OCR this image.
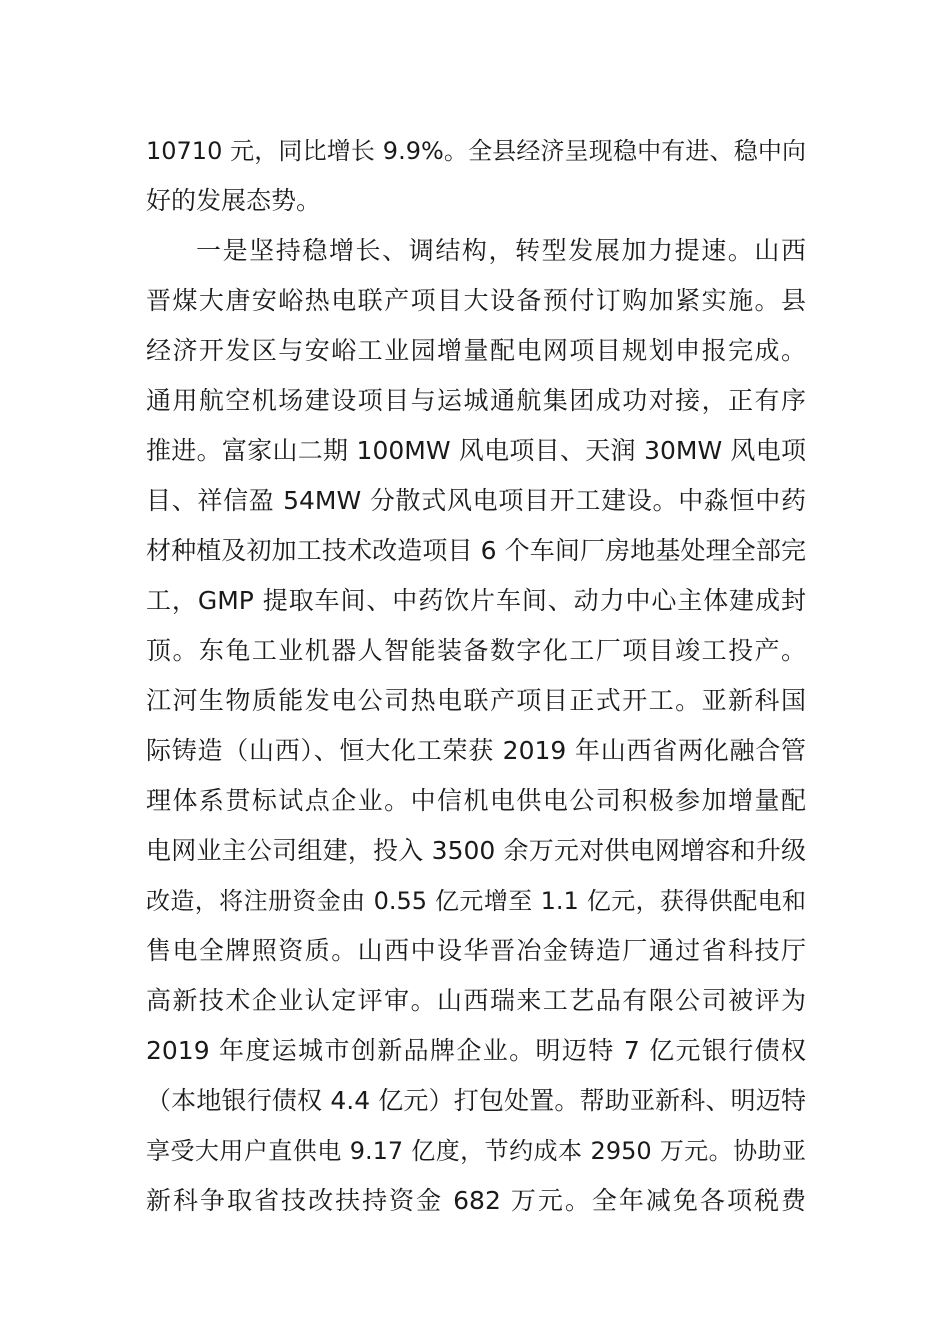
10710 元，同比增长 9.9%。全县经济呈现稳中有进、稳中向
好的发展态势。
一是坚持稳增长、调结构，转型发展加力提速。山西
晋煤大唐安峪热电联产项目大设备预付订购加紧实施。县
经济开发区与安峪工业园增量配电网项目规划申报完成。
通用航空机场建设项目与运城通航集团成功对接，正有序
推进。富家山二期 100MW 风电项目、天润 30MW 风电项
目、祥信盈 54MW 分散式风电项目开工建设。中淼恒中药
材种植及初加工技术改造项目 6 个车间厂房地基处理全部完
工，GMP 提取车间、中药饮片车间、动力中心主体建成封
顶。东龟工业机器人智能装备数字化工厂项目竣工投产。
江河生物质能发电公司热电联产项目正式开工。亚新科国
际铸造（山西）、恒大化工荣获 2019 年山西省两化融合管
理体系贯标试点企业。中信机电供电公司积极参加增量配
电网业主公司组建，投入 3500 余万元对供电网增容和升级
改造，将注册资金由 0.55 亿元增至 1.1 亿元，获得供配电和
售电全牌照资质。山西中设华晋冶金铸造厂通过省科技厅
高新技术企业认定评审。山西瑞来工艺品有限公司被评为
2019 年度运城市创新品牌企业。明迈特 7 亿元银行债权
（本地银行债权 4.4 亿元）打包处置。帮助亚新科、明迈特
享受大用户直供电 9.17 亿度，节约成本 2950 万元。协助亚
新科争取省技改扶持资金 682 万元。全年减免各项税费
